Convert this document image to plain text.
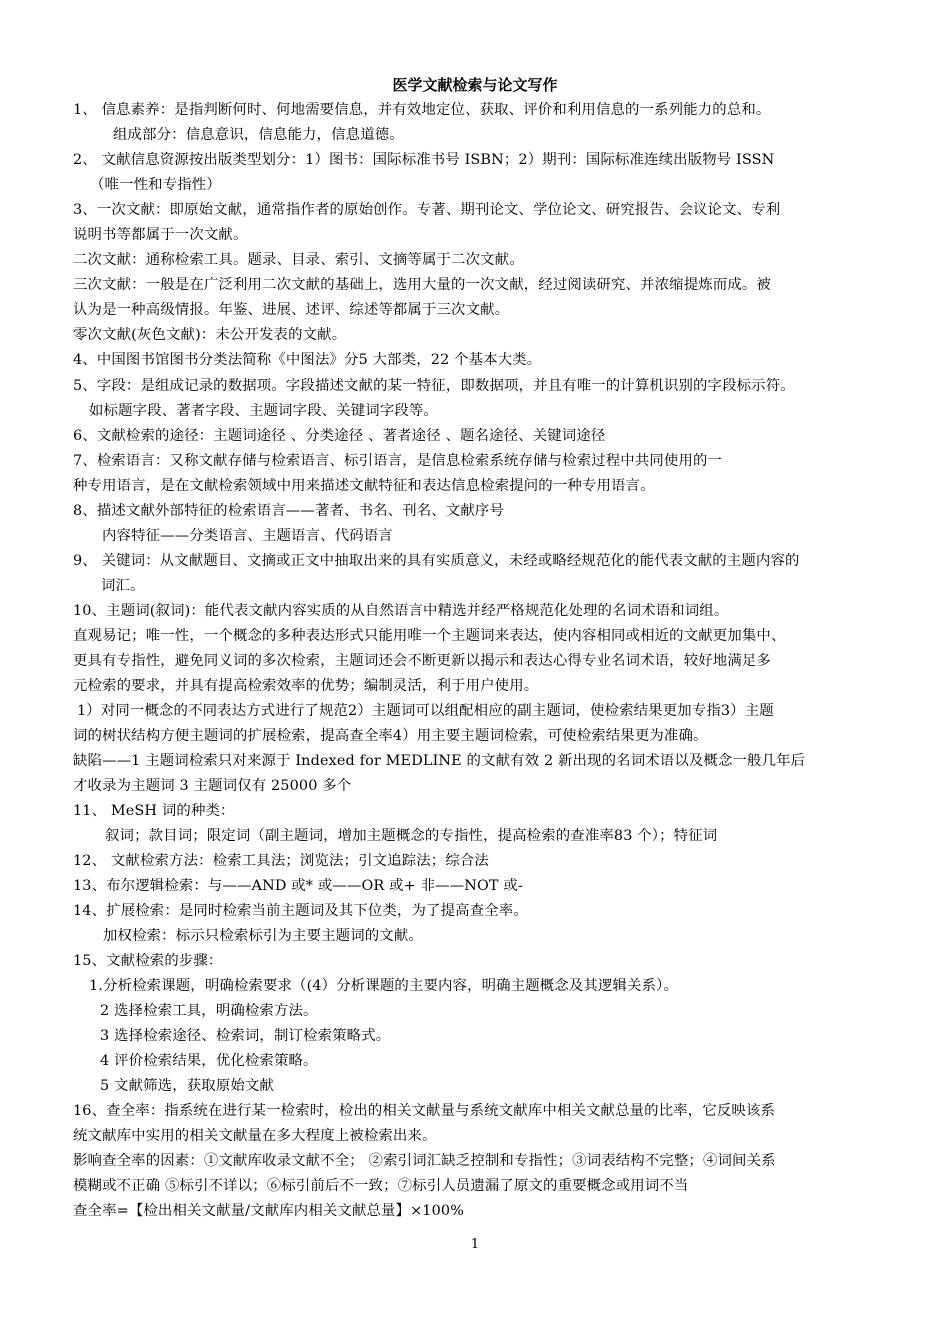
医学文献检索与论文写作
1、 信息素养：是指判断何时、何地需要信息，并有效地定位、获取、评价和利用信息的一系列能力的总和。
组成部分：信息意识，信息能力，信息道德。
2、 文献信息资源按出版类型划分：1）图书：国际标准书号 ISBN；2）期刊：国际标准连续出版物号 ISSN
（唯一性和专指性）
3、一次文献：即原始文献，通常指作者的原始创作。专著、期刊论文、学位论文、研究报告、会议论文、专利
说明书等都属于一次文献。
二次文献：通称检索工具。题录、目录、索引、文摘等属于二次文献。
三次文献：一般是在广泛利用二次文献的基础上，选用大量的一次文献，经过阅读研究、并浓缩提炼而成。被
认为是一种高级情报。年鉴、进展、述评、综述等都属于三次文献。
零次文献(灰色文献)：未公开发表的文献。
4、中国图书馆图书分类法简称《中图法》分5 大部类，22 个基本大类。
5、字段：是组成记录的数据项。字段描述文献的某一特征，即数据项，并且有唯一的计算机识别的字段标示符。
如标题字段、著者字段、主题词字段、关键词字段等。
6、文献检索的途径：主题词途径 、分类途径 、著者途径 、题名途径、关键词途径
7、检索语言：又称文献存储与检索语言、标引语言，是信息检索系统存储与检索过程中共同使用的一
种专用语言，是在文献检索领域中用来描述文献特征和表达信息检索提问的一种专用语言。
8、描述文献外部特征的检索语言——著者、书名、刊名、文献序号
内容特征——分类语言、主题语言、代码语言
9、 关键词：从文献题目、文摘或正文中抽取出来的具有实质意义，未经或略经规范化的能代表文献的主题内容的
词汇。
10、主题词(叙词)：能代表文献内容实质的从自然语言中精选并经严格规范化处理的名词术语和词组。
直观易记；唯一性，一个概念的多种表达形式只能用唯一个主题词来表达，使内容相同或相近的文献更加集中、
更具有专指性，避免同义词的多次检索，主题词还会不断更新以揭示和表达心得专业名词术语，较好地满足多
元检索的要求，并具有提高检索效率的优势；编制灵活，利于用户使用。
1）对同一概念的不同表达方式进行了规范2）主题词可以组配相应的副主题词，使检索结果更加专指3）主题
词的树状结构方便主题词的扩展检索，提高查全率4）用主要主题词检索，可使检索结果更为准确。
缺陷——1 主题词检索只对来源于 Indexed for MEDLINE 的文献有效 2 新出现的名词术语以及概念一般几年后
才收录为主题词 3 主题词仅有 25000 多个
11、 MeSH 词的种类：
叙词；款目词；限定词（副主题词，增加主题概念的专指性，提高检索的查准率83 个）；特征词
12、 文献检索方法：检索工具法；浏览法；引文追踪法；综合法
13、布尔逻辑检索：与——AND 或* 或——OR 或+ 非——NOT 或-
14、扩展检索：是同时检索当前主题词及其下位类，为了提高查全率。
加权检索：标示只检索标引为主要主题词的文献。
15、文献检索的步骤：
1.分析检索课题，明确检索要求（(4）分析课题的主要内容，明确主题概念及其逻辑关系）。
2 选择检索工具，明确检索方法。
3 选择检索途径、检索词，制订检索策略式。
4 评价检索结果，优化检索策略。
5 文献筛选，获取原始文献
16、查全率：指系统在进行某一检索时，检出的相关文献量与系统文献库中相关文献总量的比率，它反映该系
统文献库中实用的相关文献量在多大程度上被检索出来。
影响查全率的因素：①文献库收录文献不全； ②索引词汇缺乏控制和专指性；③词表结构不完整；④词间关系
模糊或不正确 ⑤标引不详以；⑥标引前后不一致；⑦标引人员遗漏了原文的重要概念或用词不当
查全率=【检出相关文献量/文献库内相关文献总量】×100%
1
